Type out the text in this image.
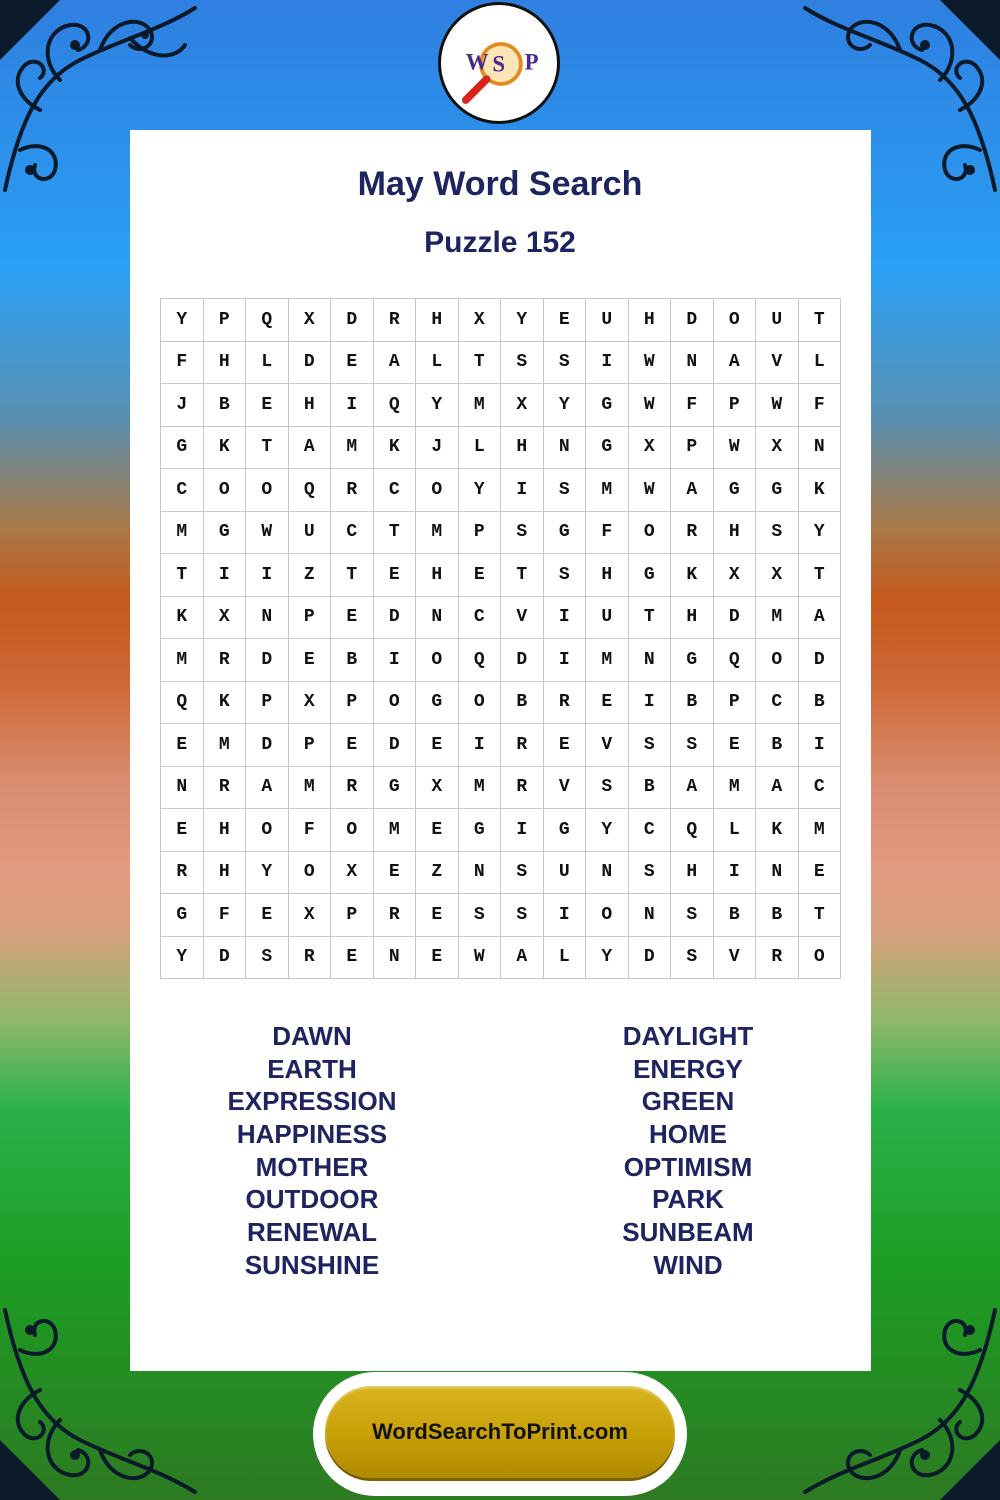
W S P
May Word Search
Puzzle 152
Y	P	Q	X	D	R	H	X	Y	E	U	H	D	O	U	T
F	H	L	D	E	A	L	T	S	S	I	W	N	A	V	L
J	B	E	H	I	Q	Y	M	X	Y	G	W	F	P	W	F
G	K	T	A	M	K	J	L	H	N	G	X	P	W	X	N
C	O	O	Q	R	C	O	Y	I	S	M	W	A	G	G	K
M	G	W	U	C	T	M	P	S	G	F	O	R	H	S	Y
T	I	I	Z	T	E	H	E	T	S	H	G	K	X	X	T
K	X	N	P	E	D	N	C	V	I	U	T	H	D	M	A
M	R	D	E	B	I	O	Q	D	I	M	N	G	Q	O	D
Q	K	P	X	P	O	G	O	B	R	E	I	B	P	C	B
E	M	D	P	E	D	E	I	R	E	V	S	S	E	B	I
N	R	A	M	R	G	X	M	R	V	S	B	A	M	A	C
E	H	O	F	O	M	E	G	I	G	Y	C	Q	L	K	M
R	H	Y	O	X	E	Z	N	S	U	N	S	H	I	N	E
G	F	E	X	P	R	E	S	S	I	O	N	S	B	B	T
Y	D	S	R	E	N	E	W	A	L	Y	D	S	V	R	O
DAWN
EARTH
EXPRESSION
HAPPINESS
MOTHER
OUTDOOR
RENEWAL
SUNSHINE
DAYLIGHT
ENERGY
GREEN
HOME
OPTIMISM
PARK
SUNBEAM
WIND
WordSearchToPrint.com
